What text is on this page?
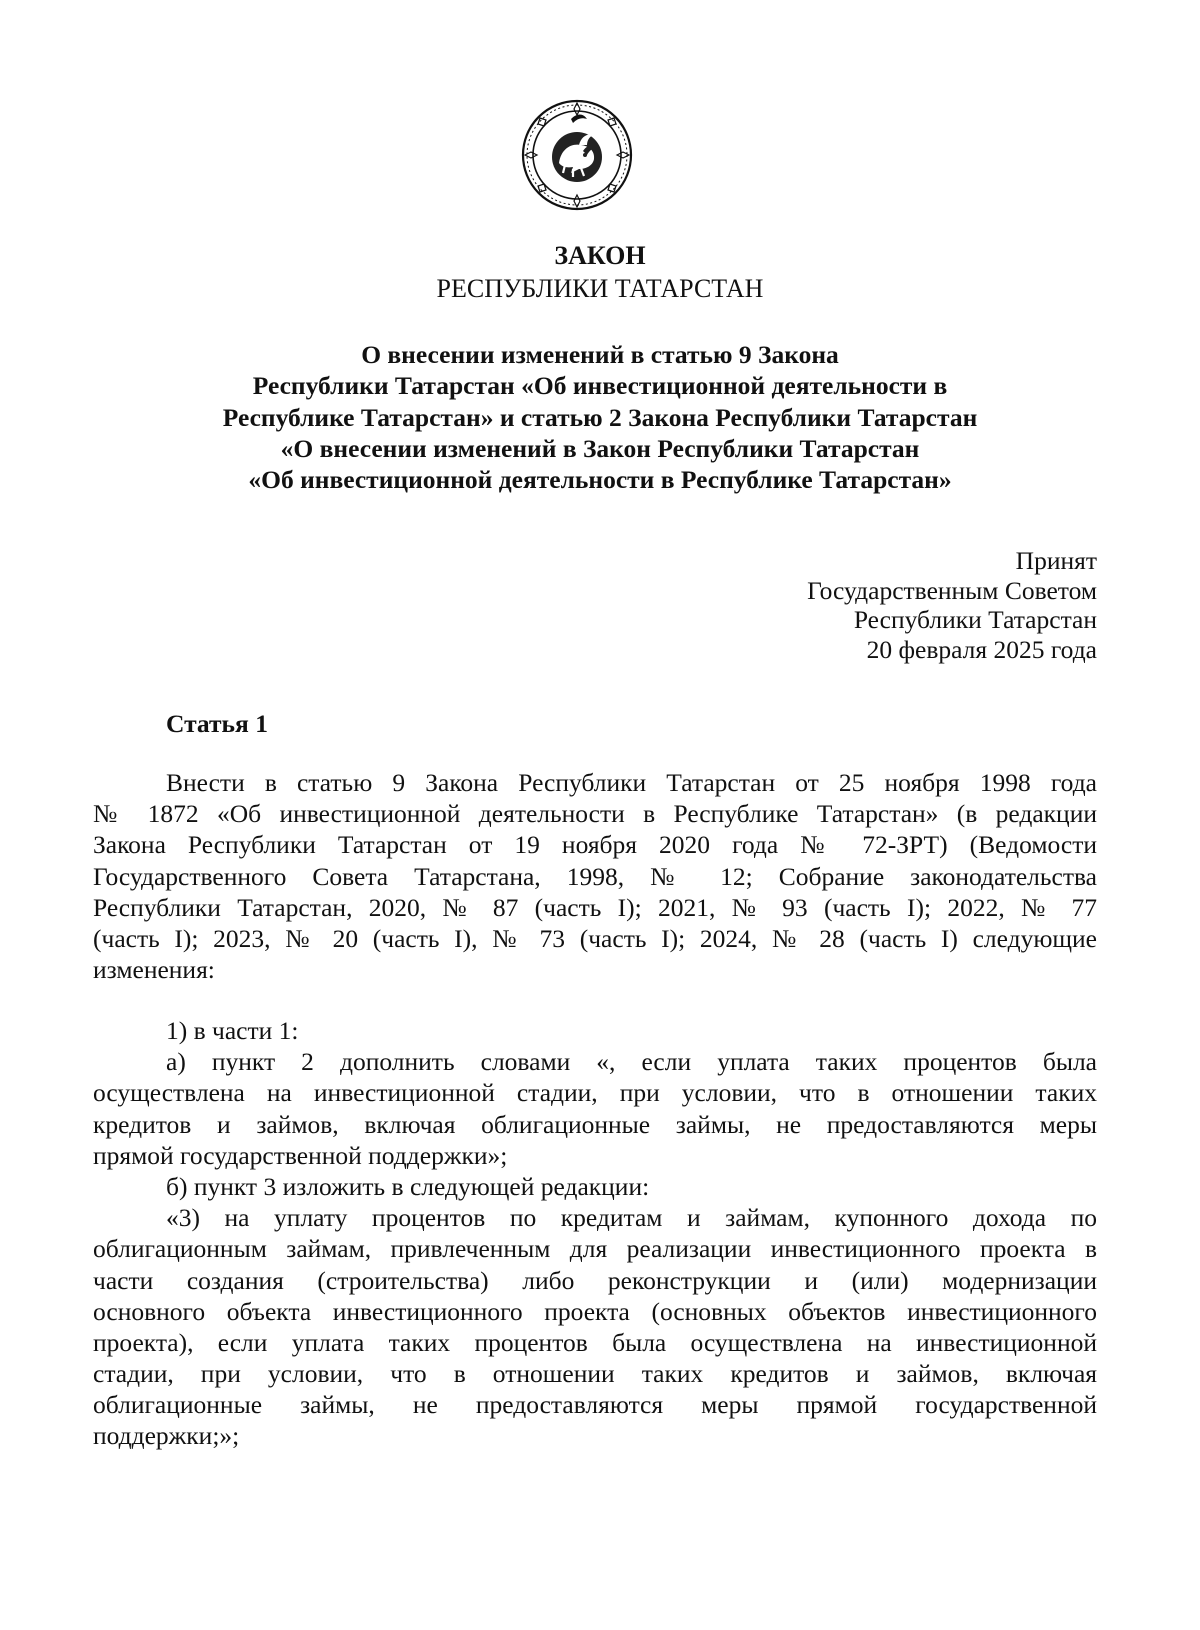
ЗАКОН
РЕСПУБЛИКИ ТАТАРСТАН
О внесении изменений в статью 9 Закона
Республики Татарстан «Об инвестиционной деятельности в
Республике Татарстан» и статью 2 Закона Республики Татарстан
«О внесении изменений в Закон Республики Татарстан
«Об инвестиционной деятельности в Республике Татарстан»
Принят
Государственным Советом
Республики Татарстан
20 февраля 2025 года
Статья 1
Внести в статью 9 Закона Республики Татарстан от 25 ноября 1998 года
№ 1872 «Об инвестиционной деятельности в Республике Татарстан» (в редакции
Закона Республики Татарстан от 19 ноября 2020 года № 72-ЗРТ) (Ведомости
Государственного Совета Татарстана, 1998, № 12; Собрание законодательства
Республики Татарстан, 2020, № 87 (часть I); 2021, № 93 (часть I); 2022, № 77
(часть I); 2023, № 20 (часть I), № 73 (часть I); 2024, № 28 (часть I) следующие
изменения:
1) в части 1:
а) пункт 2 дополнить словами «, если уплата таких процентов была
осуществлена на инвестиционной стадии, при условии, что в отношении таких
кредитов и займов, включая облигационные займы, не предоставляются меры
прямой государственной поддержки»;
б) пункт 3 изложить в следующей редакции:
«3) на уплату процентов по кредитам и займам, купонного дохода по
облигационным займам, привлеченным для реализации инвестиционного проекта в
части создания (строительства) либо реконструкции и (или) модернизации
основного объекта инвестиционного проекта (основных объектов инвестиционного
проекта), если уплата таких процентов была осуществлена на инвестиционной
стадии, при условии, что в отношении таких кредитов и займов, включая
облигационные займы, не предоставляются меры прямой государственной
поддержки;»;
